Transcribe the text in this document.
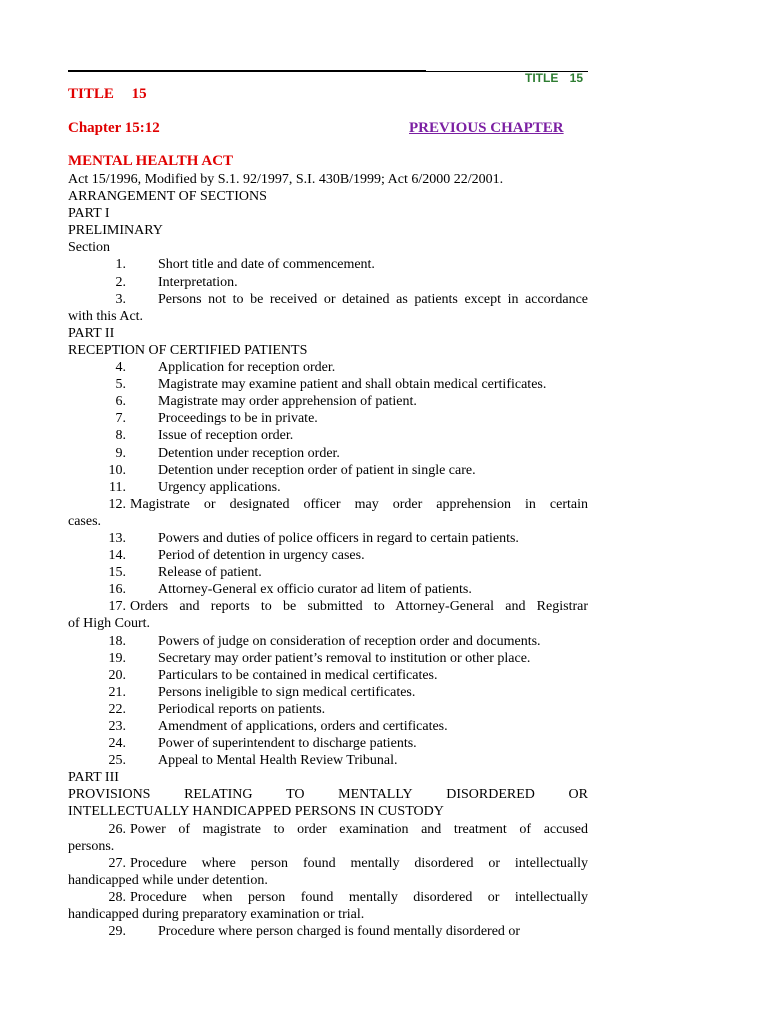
TITLE 15
TITLE 15
Chapter 15:12	PREVIOUS CHAPTER
MENTAL HEALTH ACT
Act 15/1996, Modified by S.1. 92/1997, S.I. 430B/1999; Act 6/2000 22/2001.
ARRANGEMENT OF SECTIONS
PART I
PRELIMINARY
Section
1. Short title and date of commencement.
2. Interpretation.
3. Persons not to be received or detained as patients except in accordance
with this Act.
PART II
RECEPTION OF CERTIFIED PATIENTS
4. Application for reception order.
5. Magistrate may examine patient and shall obtain medical certificates.
6. Magistrate may order apprehension of patient.
7. Proceedings to be in private.
8. Issue of reception order.
9. Detention under reception order.
10. Detention under reception order of patient in single care.
11. Urgency applications.
12. Magistrate or designated officer may order apprehension in certain
cases.
13. Powers and duties of police officers in regard to certain patients.
14. Period of detention in urgency cases.
15. Release of patient.
16. Attorney-General ex officio curator ad litem of patients.
17. Orders and reports to be submitted to Attorney-General and Registrar
of High Court.
18. Powers of judge on consideration of reception order and documents.
19. Secretary may order patient’s removal to institution or other place.
20. Particulars to be contained in medical certificates.
21. Persons ineligible to sign medical certificates.
22. Periodical reports on patients.
23. Amendment of applications, orders and certificates.
24. Power of superintendent to discharge patients.
25. Appeal to Mental Health Review Tribunal.
PART III
PROVISIONS RELATING TO MENTALLY DISORDERED OR
INTELLECTUALLY HANDICAPPED PERSONS IN CUSTODY
26. Power of magistrate to order examination and treatment of accused
persons.
27. Procedure where person found mentally disordered or intellectually
handicapped while under detention.
28. Procedure when person found mentally disordered or intellectually
handicapped during preparatory examination or trial.
29. Procedure where person charged is found mentally disordered or
